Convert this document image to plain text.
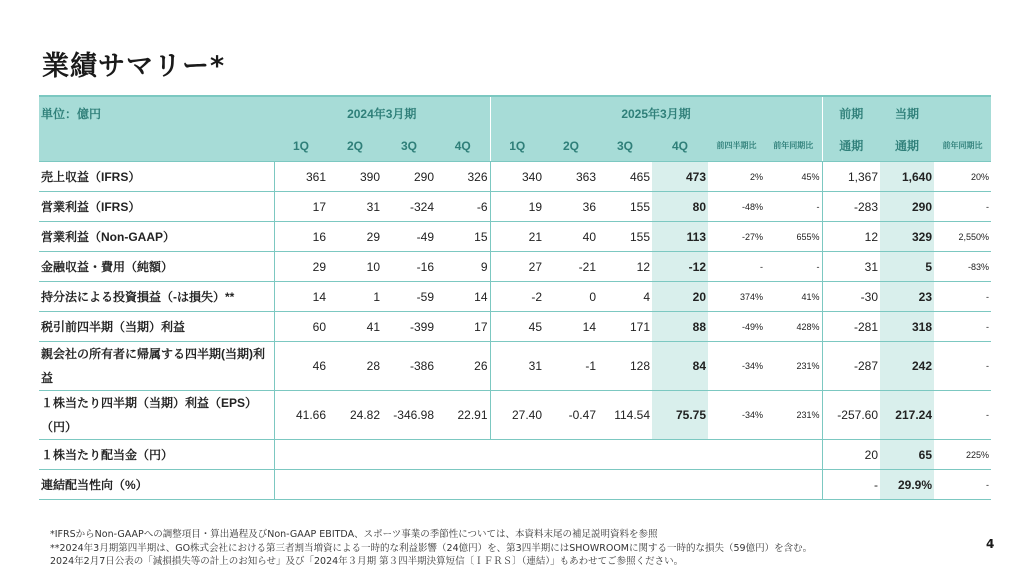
業績サマリー*
単位：億円	2024年3月期				2025年3月期						前期	当期	
	1Q	2Q	3Q	4Q	1Q	2Q	3Q	4Q	前四半期比	前年同期比	通期	通期	前年同期比
売上収益（IFRS）	361	390	290	326	340	363	465	473	2%	45%	1,367	1,640	20%
営業利益（IFRS）	17	31	-324	-6	19	36	155	80	-48%	-	-283	290	-
営業利益（Non-GAAP）	16	29	-49	15	21	40	155	113	-27%	655%	12	329	2,550%
金融収益・費用（純額）	29	10	-16	9	27	-21	12	-12	-	-	31	5	-83%
持分法による投資損益（-は損失）**	14	1	-59	14	-2	0	4	20	374%	41%	-30	23	-
税引前四半期（当期）利益	60	41	-399	17	45	14	171	88	-49%	428%	-281	318	-
親会社の所有者に帰属する四半期(当期)利益	46	28	-386	26	31	-1	128	84	-34%	231%	-287	242	-
１株当たり四半期（当期）利益（EPS）（円）	41.66	24.82	-346.98	22.91	27.40	-0.47	114.54	75.75	-34%	231%	-257.60	217.24	-
１株当たり配当金（円）											20	65	225%
連結配当性向（%）											-	29.9%	-
*IFRSからNon-GAAPへの調整項目・算出過程及びNon-GAAP EBITDA、スポーツ事業の季節性については、本資料末尾の補足説明資料を参照
**2024年3月期第四半期は、GO株式会社における第三者割当増資による一時的な利益影響（24億円）を、第3四半期にはSHOWROOMに関する一時的な損失（59億円）を含む。
2024年2月7日公表の「減損損失等の計上のお知らせ」及び「2024年３月期 第３四半期決算短信〔ＩＦＲＳ〕（連結）」もあわせてご参照ください。
4
